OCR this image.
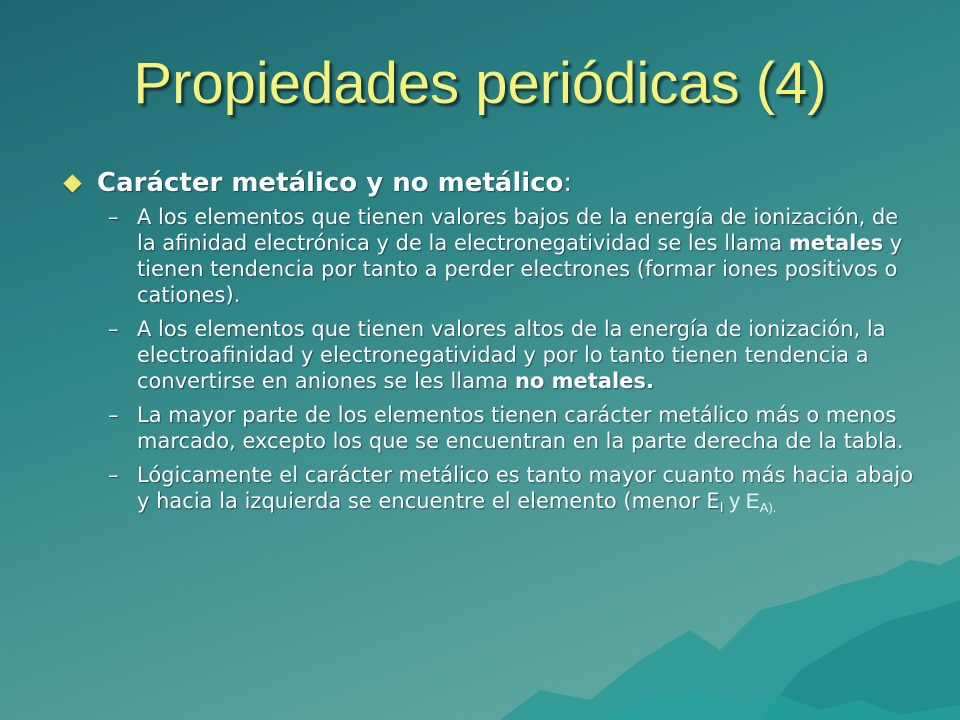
Propiedades periódicas (4)
Carácter metálico y no metálico :
– A los elementos que tienen valores bajos de la energía de ionización, de la afinidad electrónica y de la electronegatividad se les llama metales y tienen tendencia por tanto a perder electrones (formar iones positivos o cationes).
– A los elementos que tienen valores altos de la energía de ionización, la electroafinidad y electronegatividad y por lo tanto tienen tendencia a convertirse en aniones se les llama no metales.
– La mayor parte de los elementos tienen carácter metálico más o menos marcado, excepto los que se encuentran en la parte derecha de la tabla.
– Lógicamente el carácter metálico es tanto mayor cuanto más hacia abajo y hacia la izquierda se encuentre el elemento (menor $E_I$ y $E_{A).}$
